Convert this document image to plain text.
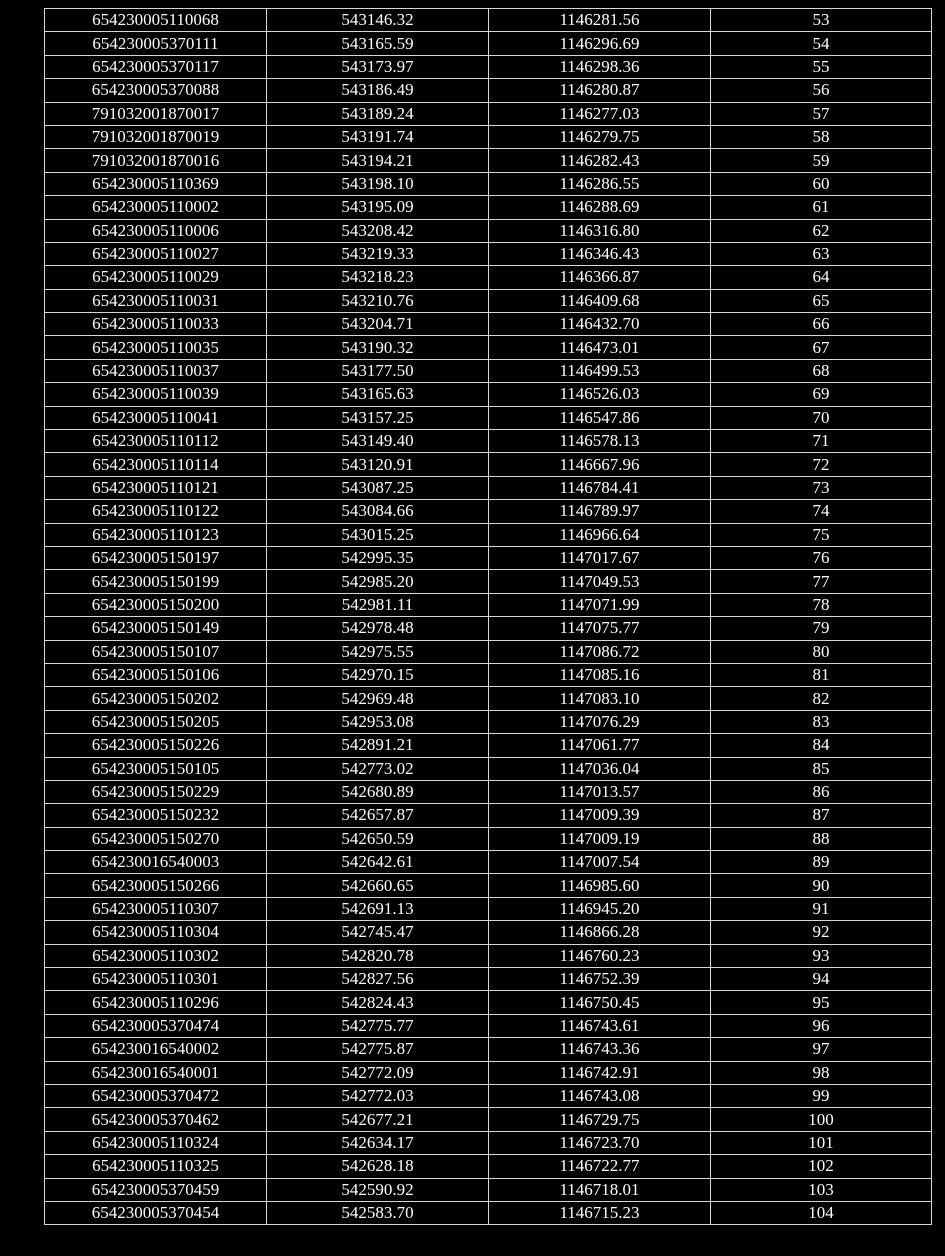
654230005110068	543146.32	1146281.56	53
654230005370111	543165.59	1146296.69	54
654230005370117	543173.97	1146298.36	55
654230005370088	543186.49	1146280.87	56
791032001870017	543189.24	1146277.03	57
791032001870019	543191.74	1146279.75	58
791032001870016	543194.21	1146282.43	59
654230005110369	543198.10	1146286.55	60
654230005110002	543195.09	1146288.69	61
654230005110006	543208.42	1146316.80	62
654230005110027	543219.33	1146346.43	63
654230005110029	543218.23	1146366.87	64
654230005110031	543210.76	1146409.68	65
654230005110033	543204.71	1146432.70	66
654230005110035	543190.32	1146473.01	67
654230005110037	543177.50	1146499.53	68
654230005110039	543165.63	1146526.03	69
654230005110041	543157.25	1146547.86	70
654230005110112	543149.40	1146578.13	71
654230005110114	543120.91	1146667.96	72
654230005110121	543087.25	1146784.41	73
654230005110122	543084.66	1146789.97	74
654230005110123	543015.25	1146966.64	75
654230005150197	542995.35	1147017.67	76
654230005150199	542985.20	1147049.53	77
654230005150200	542981.11	1147071.99	78
654230005150149	542978.48	1147075.77	79
654230005150107	542975.55	1147086.72	80
654230005150106	542970.15	1147085.16	81
654230005150202	542969.48	1147083.10	82
654230005150205	542953.08	1147076.29	83
654230005150226	542891.21	1147061.77	84
654230005150105	542773.02	1147036.04	85
654230005150229	542680.89	1147013.57	86
654230005150232	542657.87	1147009.39	87
654230005150270	542650.59	1147009.19	88
654230016540003	542642.61	1147007.54	89
654230005150266	542660.65	1146985.60	90
654230005110307	542691.13	1146945.20	91
654230005110304	542745.47	1146866.28	92
654230005110302	542820.78	1146760.23	93
654230005110301	542827.56	1146752.39	94
654230005110296	542824.43	1146750.45	95
654230005370474	542775.77	1146743.61	96
654230016540002	542775.87	1146743.36	97
654230016540001	542772.09	1146742.91	98
654230005370472	542772.03	1146743.08	99
654230005370462	542677.21	1146729.75	100
654230005110324	542634.17	1146723.70	101
654230005110325	542628.18	1146722.77	102
654230005370459	542590.92	1146718.01	103
654230005370454	542583.70	1146715.23	104
